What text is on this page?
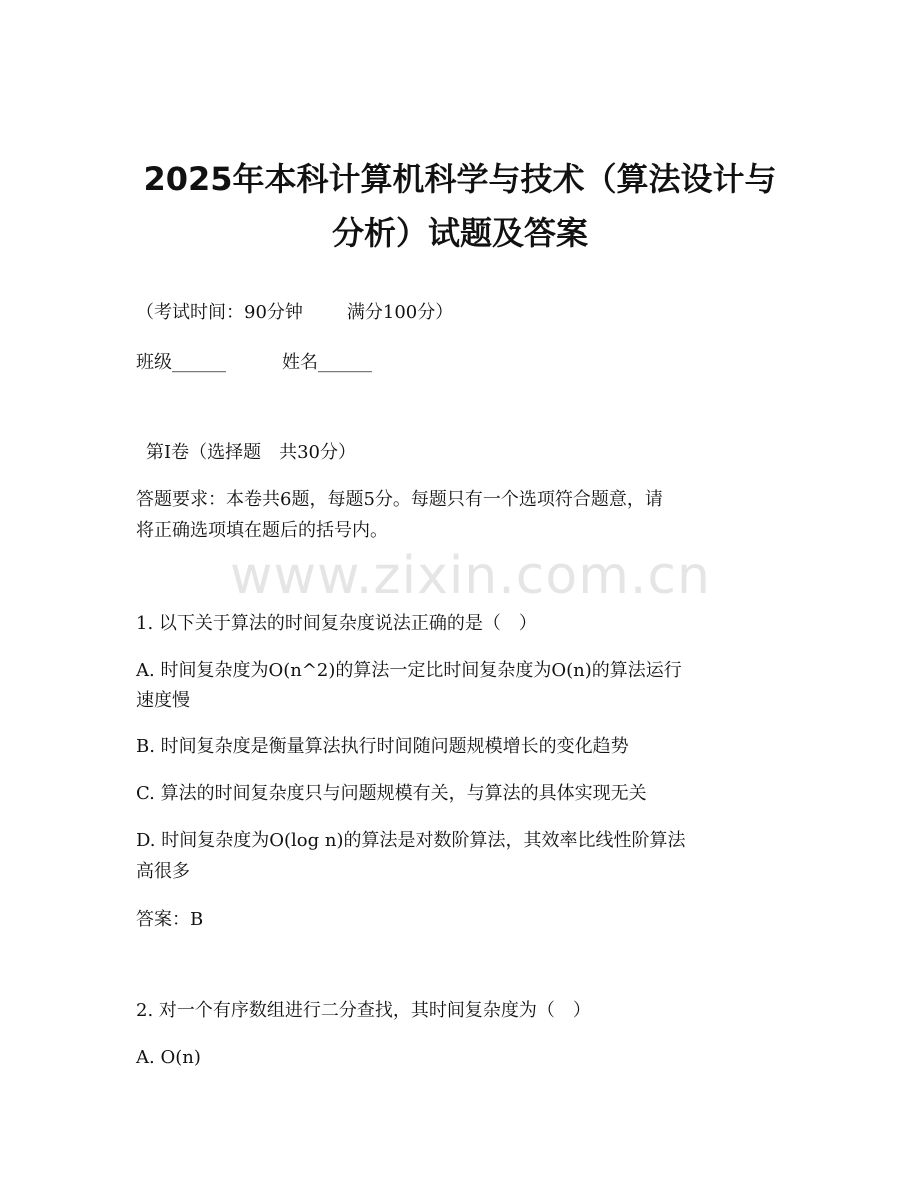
2025年本科计算机科学与技术（算法设计与
分析）试题及答案
（考试时间：90分钟 满分100分）
班级______	姓名______
第Ⅰ卷（选择题　共30分）
答题要求：本卷共6题，每题5分。每题只有一个选项符合题意，请
将正确选项填在题后的括号内。
www.zixin.com.cn
1. 以下关于算法的时间复杂度说法正确的是（　）
A. 时间复杂度为O(n^2)的算法一定比时间复杂度为O(n)的算法运行
速度慢
B. 时间复杂度是衡量算法执行时间随问题规模增长的变化趋势
C. 算法的时间复杂度只与问题规模有关，与算法的具体实现无关
D. 时间复杂度为O(log n)的算法是对数阶算法，其效率比线性阶算法
高很多
答案：B
2. 对一个有序数组进行二分查找，其时间复杂度为（　）
A. O(n)
